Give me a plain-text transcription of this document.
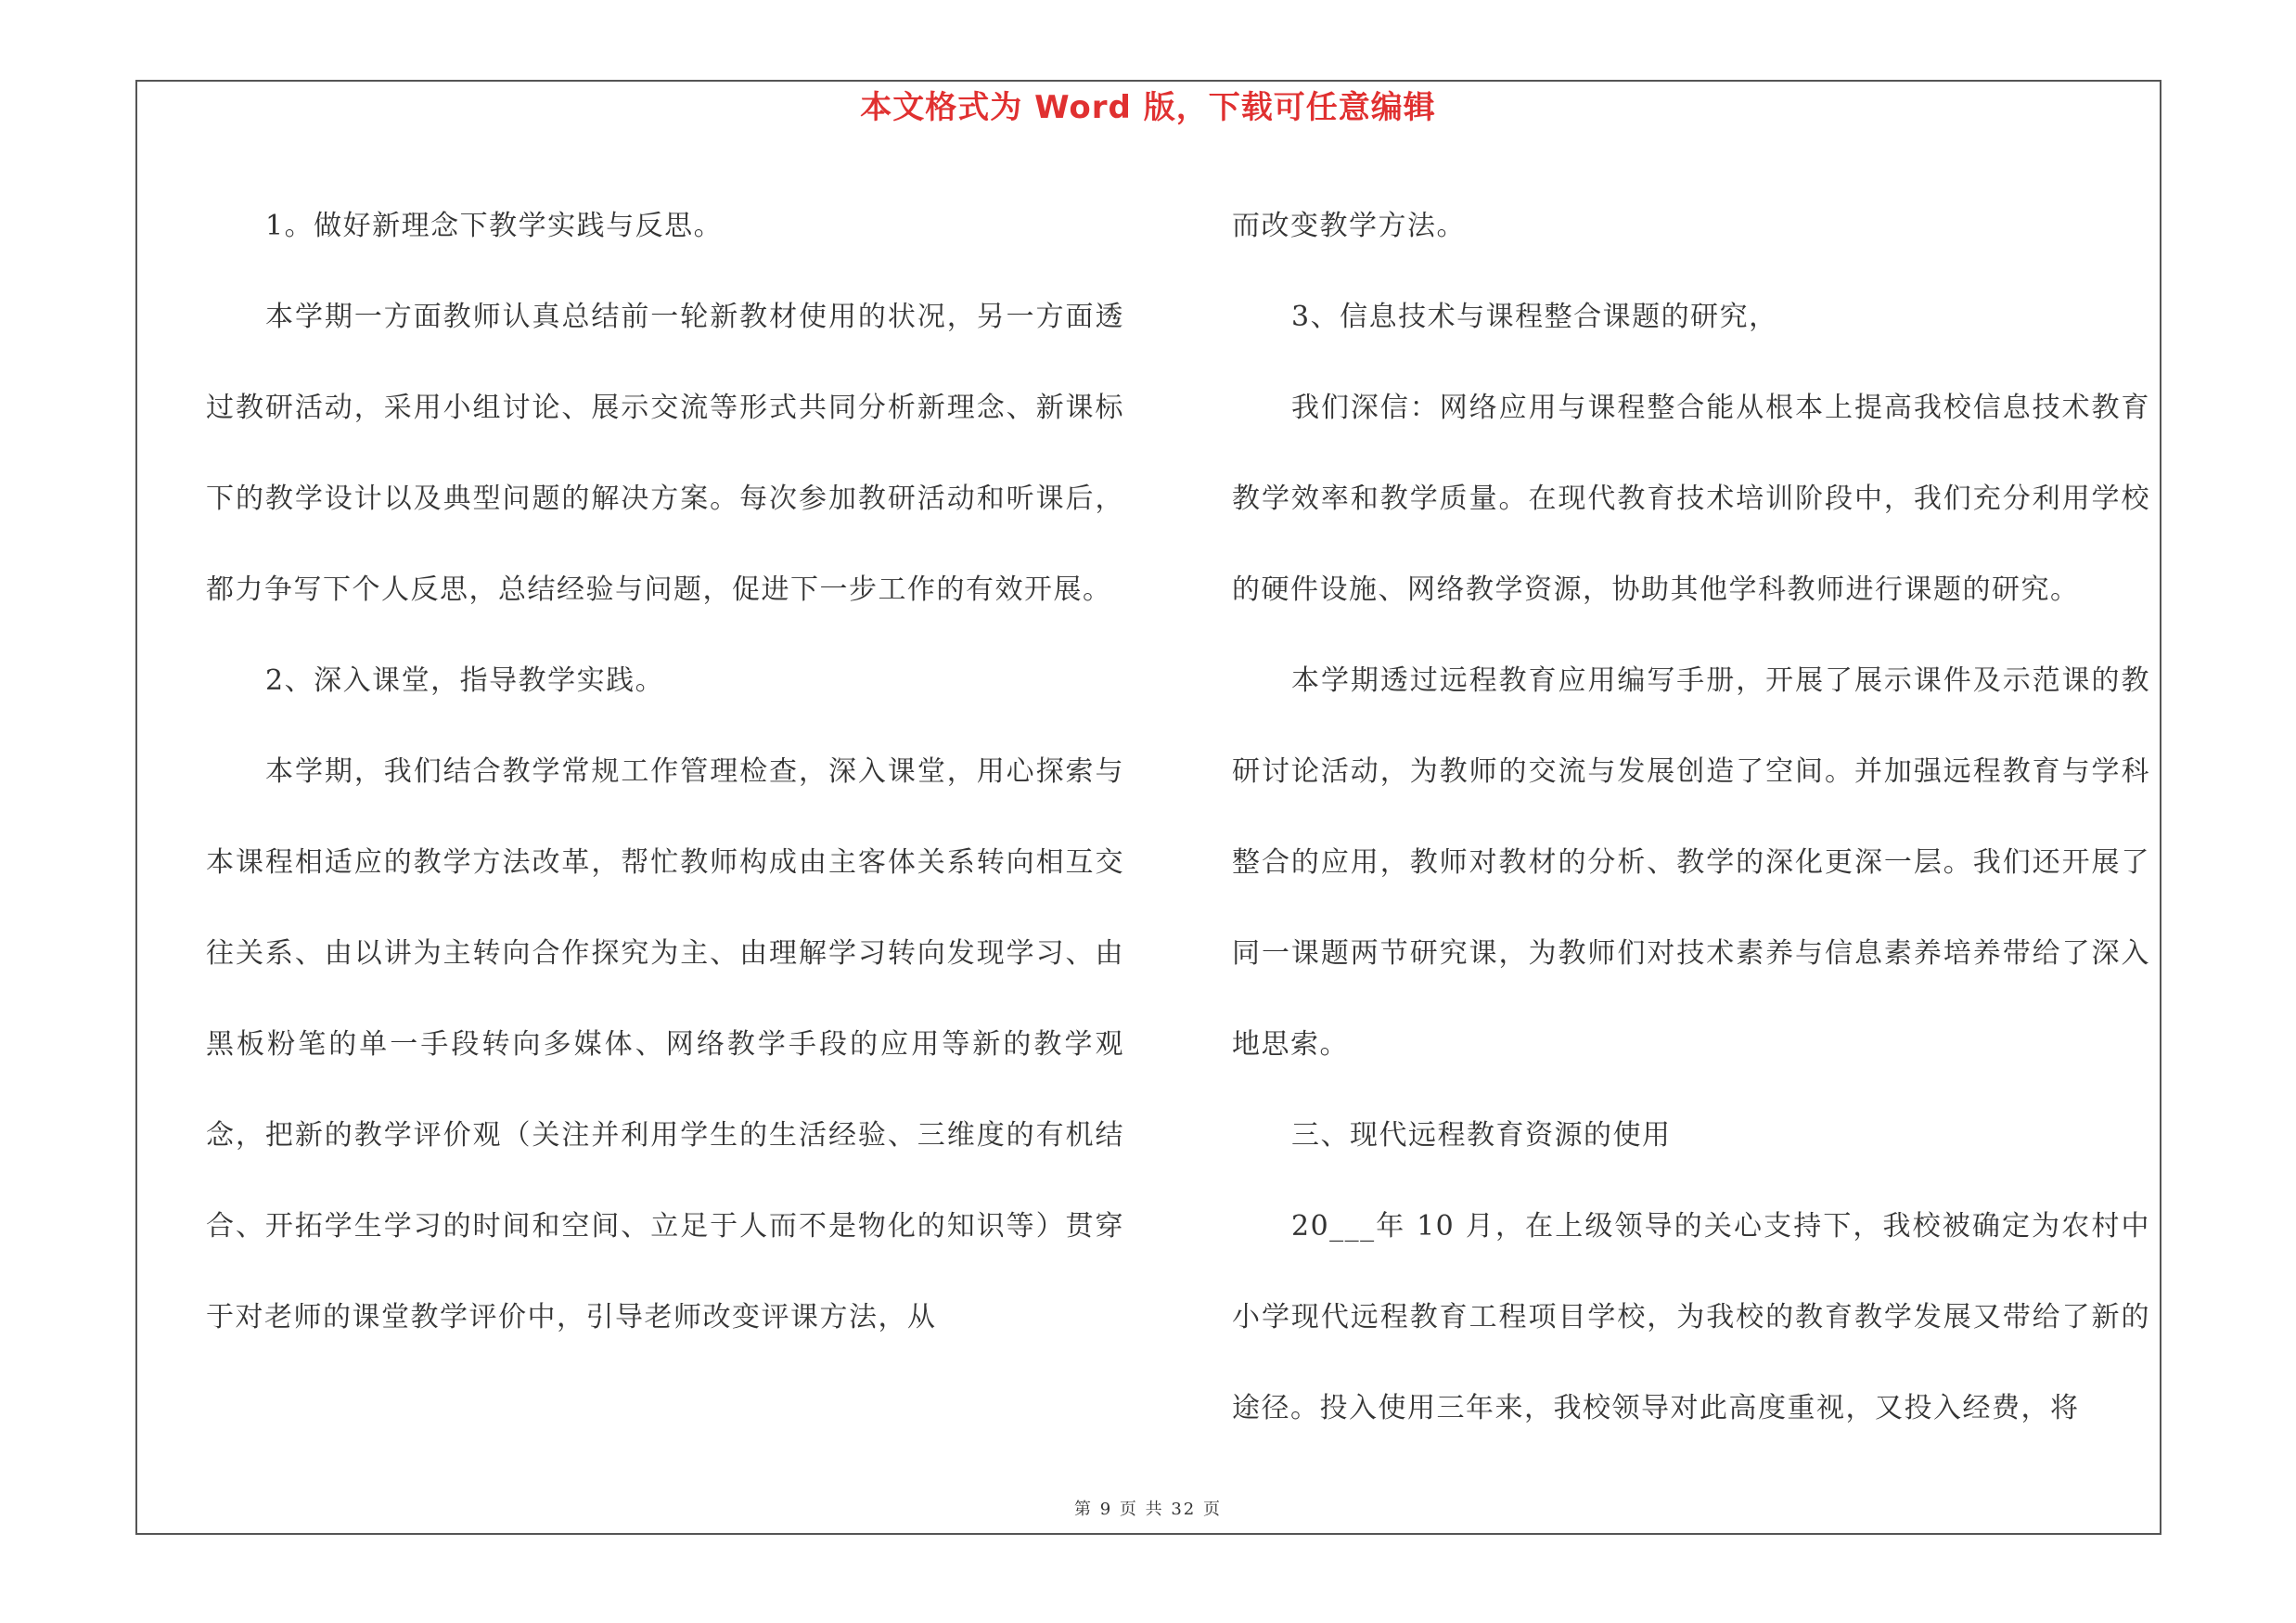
本文格式为 Word 版，下载可任意编辑

1。做好新理念下教学实践与反思。

本学期一方面教师认真总结前一轮新教材使用的状况，另一方面透过教研活动，采用小组讨论、展示交流等形式共同分析新理念、新课标下的教学设计以及典型问题的解决方案。每次参加教研活动和听课后，都力争写下个人反思，总结经验与问题，促进下一步工作的有效开展。

2、深入课堂，指导教学实践。

本学期，我们结合教学常规工作管理检查，深入课堂，用心探索与本课程相适应的教学方法改革，帮忙教师构成由主客体关系转向相互交往关系、由以讲为主转向合作探究为主、由理解学习转向发现学习、由黑板粉笔的单一手段转向多媒体、网络教学手段的应用等新的教学观念，把新的教学评价观（关注并利用学生的生活经验、三维度的有机结合、开拓学生学习的时间和空间、立足于人而不是物化的知识等）贯穿于对老师的课堂教学评价中，引导老师改变评课方法，从

而改变教学方法。

3、信息技术与课程整合课题的研究，

我们深信：网络应用与课程整合能从根本上提高我校信息技术教育教学效率和教学质量。在现代教育技术培训阶段中，我们充分利用学校的硬件设施、网络教学资源，协助其他学科教师进行课题的研究。

本学期透过远程教育应用编写手册，开展了展示课件及示范课的教研讨论活动，为教师的交流与发展创造了空间。并加强远程教育与学科整合的应用，教师对教材的分析、教学的深化更深一层。我们还开展了同一课题两节研究课，为教师们对技术素养与信息素养培养带给了深入地思索。

三、现代远程教育资源的使用

20___年 10 月，在上级领导的关心支持下，我校被确定为农村中小学现代远程教育工程项目学校，为我校的教育教学发展又带给了新的途径。投入使用三年来，我校领导对此高度重视，又投入经费，将

第 9 页 共 32 页
